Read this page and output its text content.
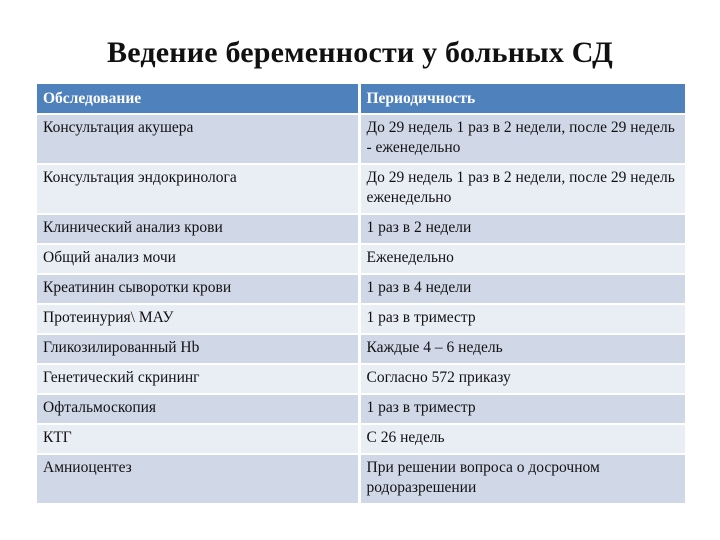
Ведение беременности у больных СД
Обследование	Периодичность
Консультация акушера	До 29 недель 1 раз в 2 недели, после 29 недель - еженедельно
Консультация эндокринолога	До 29 недель 1 раз в 2 недели, после 29 недель еженедельно
Клинический анализ крови	1 раз в 2 недели
Общий анализ мочи	Еженедельно
Креатинин сыворотки крови	1 раз в 4 недели
Протеинурия\ МАУ	1 раз в триместр
Гликозилированный Hb	Каждые 4 – 6 недель
Генетический скрининг	Согласно 572 приказу
Офтальмоскопия	1 раз в триместр
КТГ	С 26 недель
Амниоцентез	При решении вопроса о досрочном родоразрешении
